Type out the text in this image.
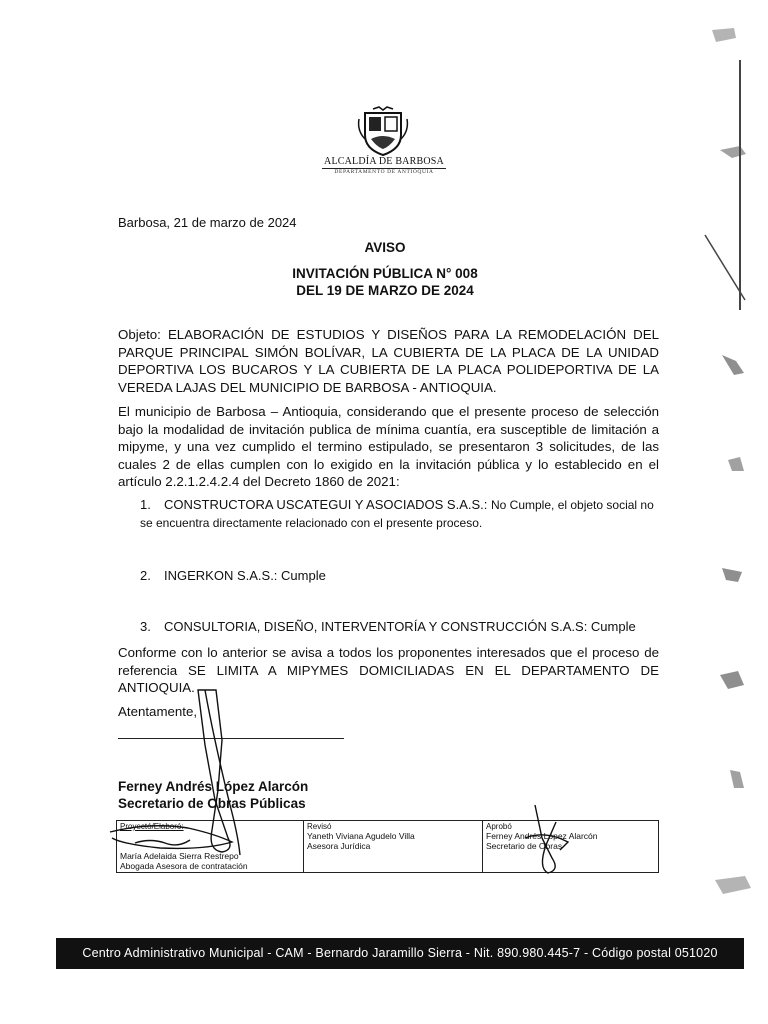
ALCALDÍA DE BARBOSA
DEPARTAMENTO DE ANTIOQUIA
Barbosa, 21 de marzo de 2024
AVISO
INVITACIÓN PÚBLICA N° 008
DEL 19 DE MARZO DE 2024
Objeto: ELABORACIÓN DE ESTUDIOS Y DISEÑOS PARA LA REMODELACIÓN DEL PARQUE PRINCIPAL SIMÓN BOLÍVAR, LA CUBIERTA DE LA PLACA DE LA UNIDAD DEPORTIVA LOS BUCAROS Y LA CUBIERTA DE LA PLACA POLIDEPORTIVA DE LA VEREDA LAJAS DEL MUNICIPIO DE BARBOSA - ANTIOQUIA.
El municipio de Barbosa – Antioquia, considerando que el presente proceso de selección bajo la modalidad de invitación publica de mínima cuantía, era susceptible de limitación a mipyme, y una vez cumplido el termino estipulado, se presentaron 3 solicitudes, de las cuales 2 de ellas cumplen con lo exigido en la invitación pública y lo establecido en el artículo 2.2.1.2.4.2.4 del Decreto 1860 de 2021:
1. CONSTRUCTORA USCATEGUI Y ASOCIADOS S.A.S.: No Cumple, el objeto social no se encuentra directamente relacionado con el presente proceso.
2. INGERKON S.A.S.: Cumple
3. CONSULTORIA, DISEÑO, INTERVENTORÍA Y CONSTRUCCIÓN S.A.S: Cumple
Conforme con lo anterior se avisa a todos los proponentes interesados que el proceso de referencia SE LIMITA A MIPYMES DOMICILIADAS EN EL DEPARTAMENTO DE ANTIOQUIA.
Atentamente,
Ferney Andrés López Alarcón
Secretario de Obras Públicas
Proyectó/Elaboró:
María Adelaida Sierra Restrepo
Abogada Asesora de contratación

Revisó
Yaneth Viviana Agudelo Villa
Asesora Jurídica

Aprobó
Ferney Andrés López Alarcón
Secretario de Obras
Centro Administrativo Municipal - CAM - Bernardo Jaramillo Sierra - Nit. 890.980.445-7 - Código postal 051020
